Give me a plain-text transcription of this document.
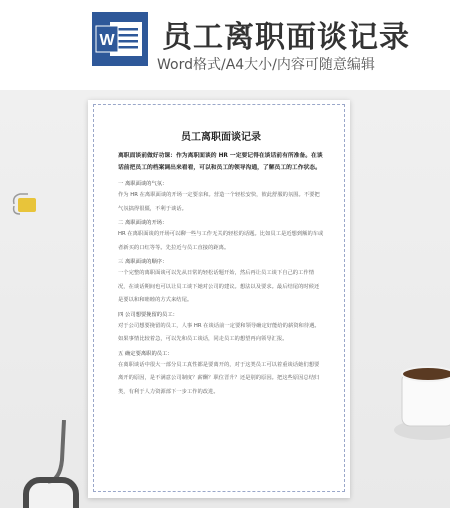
W 员工离职面谈记录
Word格式/A4大小/内容可随意编辑
员工离职面谈记录
离职面谈前做好功课：作为离职面谈的 HR 一定要记得在谈话前有所准备。在谈话前把员工的档案调出来看看，可以和员工的领导沟通，了解员工的工作状态。
一 离职面谈的气氛：
作为 HR 在离职面谈的开场一定要亲和。营造一个轻松安快，彼此舒服的氛围。不要把气氛搞得很僵，不利于谈话。
二 离职面谈的开场：
HR 在离职面谈的开场可以聊一些与工作无关的轻松的话题。比如员工是近想到额的车或者新买的口红等等。先拉近与员工直接的距离。
三 离职面谈的顺序：
一个完整的离职面谈可以先从日常的轻松话题开始，然后再让员工谈下自己的工作情况，在谈话期间也可以让员工谈下她对公司的建议。想法以及要求。最后结尾的时候还是要以和和睦睦的方式来结尾。
四 公司想要挽留的员工：
对于公司想要挽留的员工，人事 HR 在谈话前一定要和领导确定好能给的薪资和待遇。如果事情比较着急，可以先和员工谈话，同走员工的想望再向领导汇报。
五 确定要离职的员工：
在离职谈话中很大一部分员工真性都是要离开的，对于这类员工可以着重谈话她们想要离开的原因，是不满意公司制度？薪酬？职位晋升？还是别的原因。把这些原因总结归类，有利于人力资源部下一步工作的改进。
